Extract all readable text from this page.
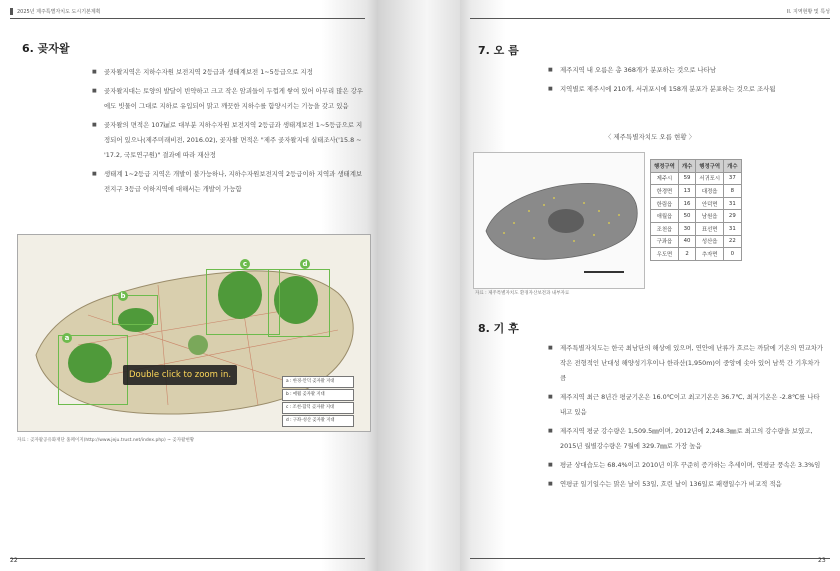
2025년 제주특별자치도 도시기본계획
6. 곶자왈
■ 곶자왈지역은 지하수자원 보전지역 2등급과 생태계보전 1~5등급으로 지정
■ 곶자왈지대는 토양의 발달이 빈약하고 크고 작은 암괴들이 두껍게 쌓여 있어 아무리 많은 강우에도 빗물이 그대로 지하로 유입되어 맑고 깨끗한 지하수를 함양시키는 기능을 갖고 있음
■ 곶자왈의 면적은 107㎢로 대부분 지하수자원 보전지역 2등급과 생태계보전 1~5등급으로 지정되어 있으나(제주미래비전, 2016.02), 곶자왈 면적은 "제주 곶자왈지대 실태조사('15.8 ~ '17.2, 국토연구원)" 결과에 따라 재산정
■ 생태계 1~2등급 지역은 개발이 불가능하나, 지하수자원보전지역 2등급이하 지역과 생태계보전지구 3등급 이하지역에 대해서는 개발이 가능함
a
b
c	d
Double click to zoom in.
a : 한경-안덕 곶자왈 지대
b : 애월 곶자왈 지대
c : 조천-함덕 곶자왈 지대
d : 구좌-성산 곶자왈 지대
자료 : 곶자왈공유화재단 홈페이지(http://www.jeju.trust.net/index.php) ~ 곶자왈현황
22
II. 지역현황 및 특성
7. 오 름
■ 제주지역 내 오름은 총 368개가 분포하는 것으로 나타남
■ 지역별로 제주시에 210개, 서귀포시에 158개 분포가 분포하는 것으로 조사됨
〈 제주특별자치도 오름 현황 〉
행정구역	개수	행정구역	개수
제주시	59	서귀포시	37
한경면	13	대정읍	8
한림읍	16	안덕면	31
애월읍	50	남원읍	29
조천읍	30	표선면	31
구좌읍	40	성산읍	22
우도면	2	추자면	0
자료 : 제주특별자치도 환경자산보전과 내부자료
8. 기 후
■ 제주특별자치도는 한국 최남단의 해상에 있으며, 연안에 난류가 흐르는 까닭에 기온의 연교차가 작은 전형적인 난대성 해양성기후이나 한라산(1,950m)이 중앙에 솟아 있어 남북 간 기후차가 큼
■ 제주지역 최근 8년간 평균기온은 16.0℃이고 최고기온은 36.7℃, 최저기온은 -2.8℃를 나타내고 있음
■ 제주지역 평균 강수량은 1,509.5㎜이며, 2012년에 2,248.3㎜로 최고의 강수량을 보였고, 2015년 월별강수량은 7월에 329.7㎜로 가장 높음
■ 평균 상대습도는 68.4%이고 2010년 이후 꾸준히 증가하는 추세이며, 연평균 풍속은 3.3%임
■ 연평균 일기일수는 맑은 날이 53일, 흐린 날이 136일로 패랭일수가 비교적 적음
23
